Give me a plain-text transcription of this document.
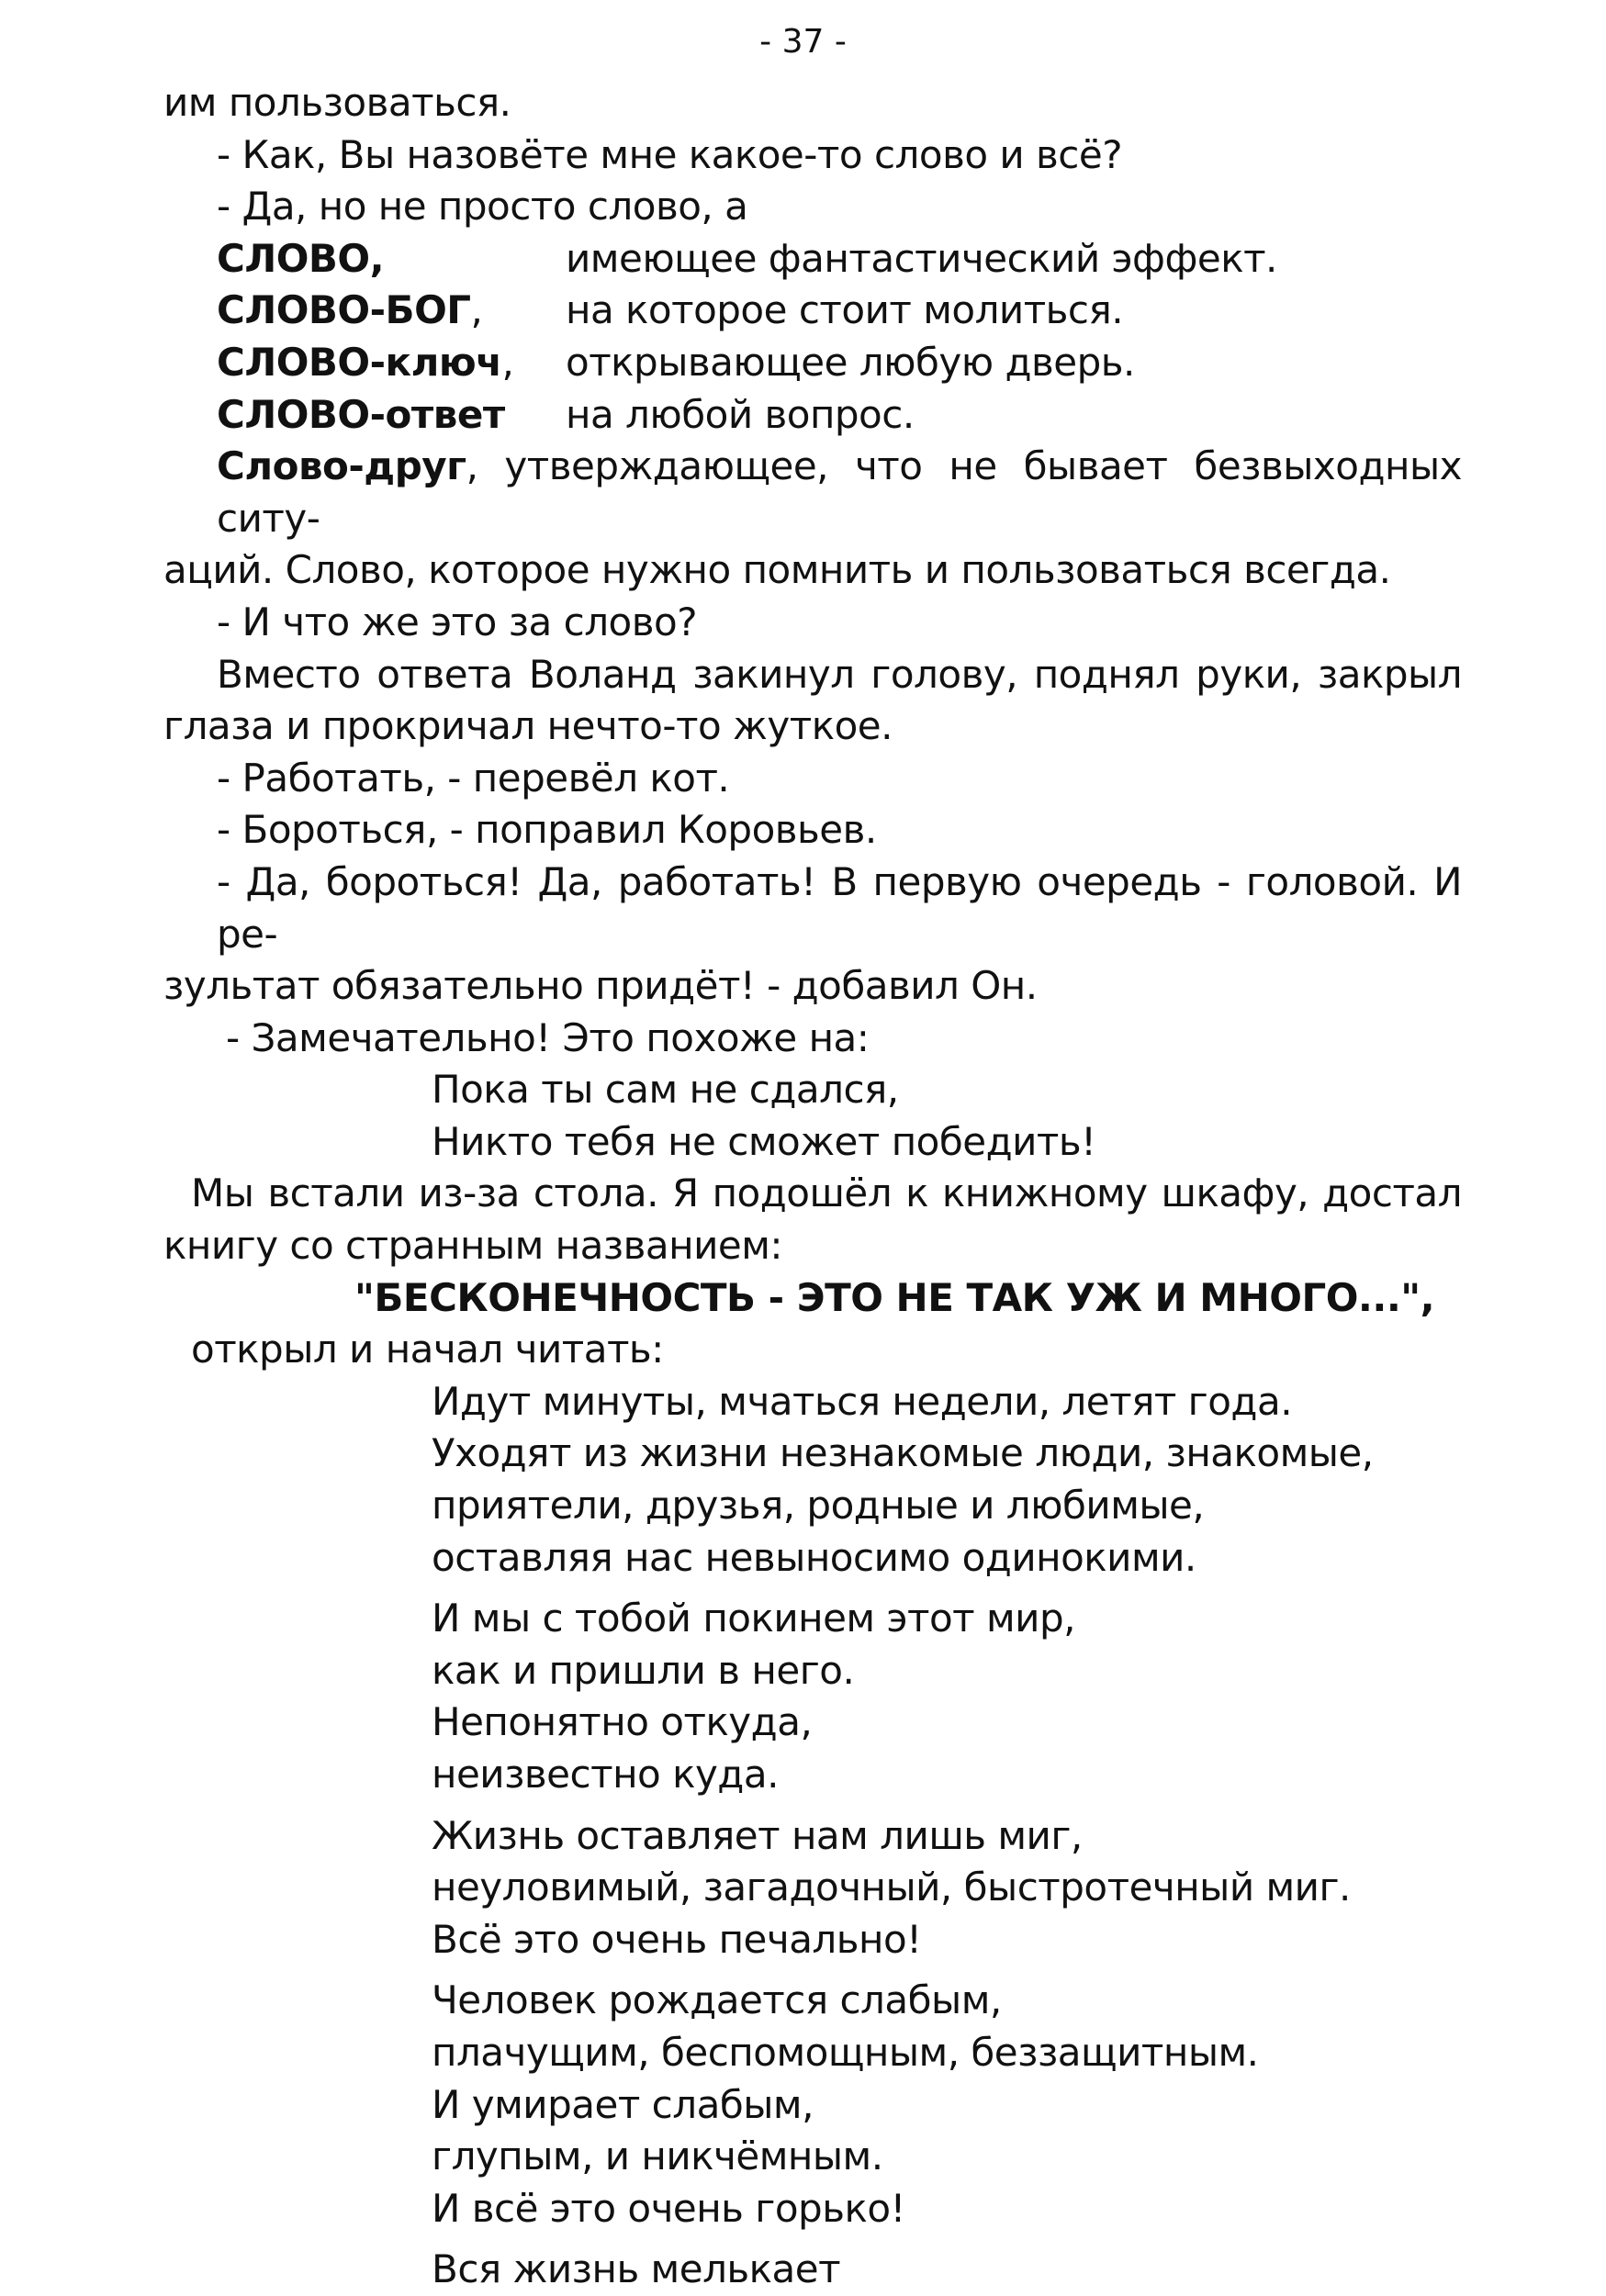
- 37 -
им пользоваться.
- Как, Вы назовёте мне какое-то слово и всё?
- Да, но не просто слово, а
СЛОВО,	имеющее фантастический эффект.
СЛОВО-БОГ,	на которое стоит молиться.
СЛОВО-ключ,	открывающее любую дверь.
СЛОВО-ответ	на любой вопрос.
Слово-друг, утверждающее, что не бывает безвыходных ситу-
аций. Слово, которое нужно помнить и пользоваться всегда.
- И что же это за слово?
Вместо ответа Воланд закинул голову, поднял руки, закрыл
глаза и прокричал нечто-то жуткое.
- Работать, - перевёл кот.
- Бороться, - поправил Коровьев.
- Да, бороться! Да, работать! В первую очередь - головой. И ре-
зультат обязательно придёт! - добавил Он.
- Замечательно! Это похоже на:
Пока ты сам не сдался,
Никто тебя не сможет победить!
Мы встали из-за стола. Я подошёл к книжному шкафу, достал
книгу со странным названием:
"БЕСКОНЕЧНОСТЬ - ЭТО НЕ ТАК УЖ И МНОГО...",
открыл и начал читать:
Идут минуты, мчаться недели, летят года.
Уходят из жизни незнакомые люди, знакомые,
приятели, друзья, родные и любимые,
оставляя нас невыносимо одинокими.
И мы с тобой покинем этот мир,
как и пришли в него.
Непонятно откуда,
неизвестно куда.
Жизнь оставляет нам лишь миг,
неуловимый, загадочный, быстротечный миг.
Всё это очень печально!
Человек рождается слабым,
плачущим, беспомощным, беззащитным.
И умирает слабым,
глупым, и никчёмным.
И всё это очень горько!
Вся жизнь мелькает
